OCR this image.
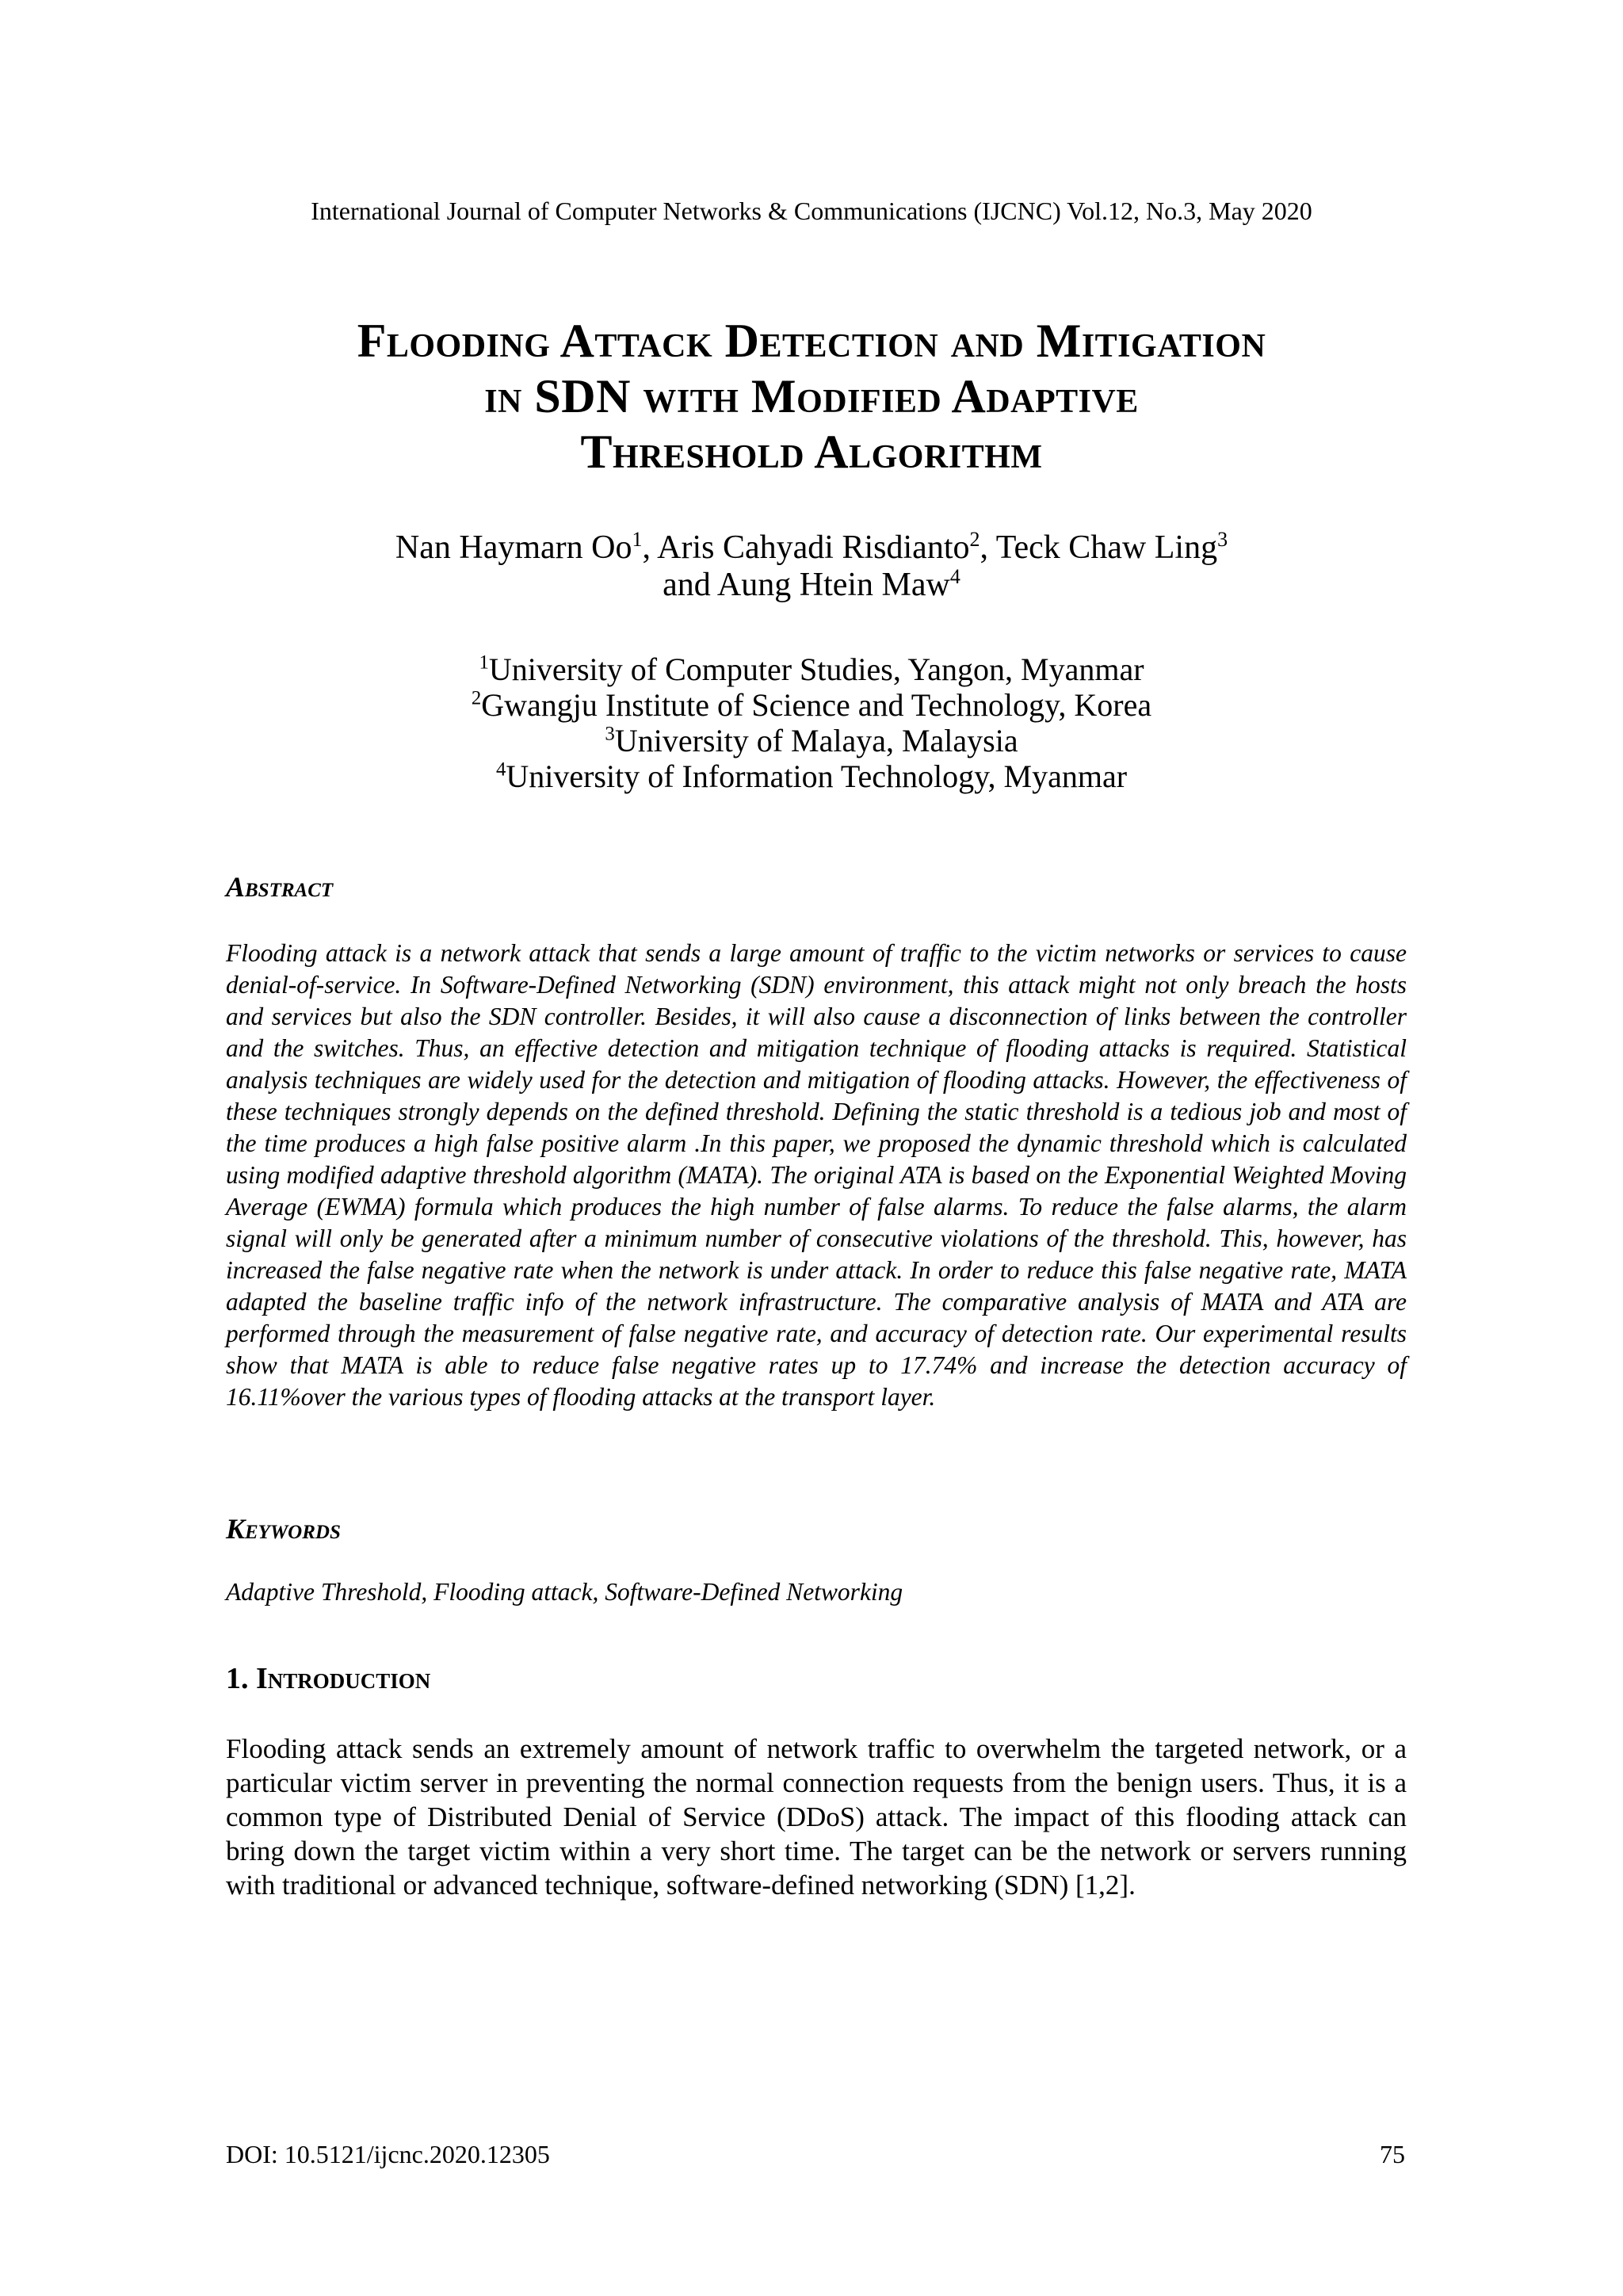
International Journal of Computer Networks & Communications (IJCNC) Vol.12, No.3, May 2020
Flooding Attack Detection and Mitigation
in SDN with Modified Adaptive
Threshold Algorithm
Nan Haymarn Oo$^1$, Aris Cahyadi Risdianto$^2$, Teck Chaw Ling$^3$
and Aung Htein Maw$^4$
$^1$University of Computer Studies, Yangon, Myanmar
$^2$Gwangju Institute of Science and Technology, Korea
$^3$University of Malaya, Malaysia
$^4$University of Information Technology, Myanmar
Abstract
Flooding attack is a network attack that sends a large amount of traffic to the victim networks or services to cause denial-of-service. In Software-Defined Networking (SDN) environment, this attack might not only breach the hosts and services but also the SDN controller. Besides, it will also cause a disconnection of links between the controller and the switches. Thus, an effective detection and mitigation technique of flooding attacks is required. Statistical analysis techniques are widely used for the detection and mitigation of flooding attacks. However, the effectiveness of these techniques strongly depends on the defined threshold. Defining the static threshold is a tedious job and most of the time produces a high false positive alarm .In this paper, we proposed the dynamic threshold which is calculated using modified adaptive threshold algorithm (MATA). The original ATA is based on the Exponential Weighted Moving Average (EWMA) formula which produces the high number of false alarms. To reduce the false alarms, the alarm signal will only be generated after a minimum number of consecutive violations of the threshold. This, however, has increased the false negative rate when the network is under attack. In order to reduce this false negative rate, MATA adapted the baseline traffic info of the network infrastructure. The comparative analysis of MATA and ATA are performed through the measurement of false negative rate, and accuracy of detection rate. Our experimental results show that MATA is able to reduce false negative rates up to 17.74% and increase the detection accuracy of 16.11%over the various types of flooding attacks at the transport layer.
Keywords
Adaptive Threshold, Flooding attack, Software-Defined Networking
1. Introduction
Flooding attack sends an extremely amount of network traffic to overwhelm the targeted network, or a particular victim server in preventing the normal connection requests from the benign users. Thus, it is a common type of Distributed Denial of Service (DDoS) attack. The impact of this flooding attack can bring down the target victim within a very short time. The target can be the network or servers running with traditional or advanced technique, software-defined networking (SDN) [1,2].
DOI: 10.5121/ijcnc.2020.12305	75
